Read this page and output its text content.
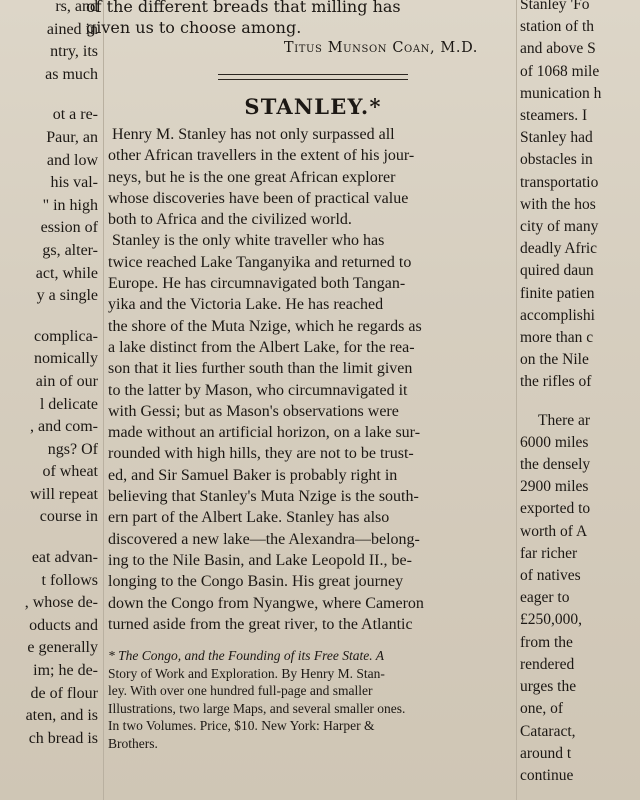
rs, and
ained in
ntry, its
as much
ot a re-
Paur, an
and low
his val-
" in high
ession of
gs, alter-
act, while
y a single
complica-
nomically
ain of our
l delicate
, and com-
ngs? Of
of wheat
will repeat
course in
eat advan-
t follows
, whose de-
oducts and
e generally
im; he de-
de of flour
aten, and is
ch bread is
of the different breads that milling has given us to choose among.
Titus Munson Coan, M.D.
STANLEY.*
Henry M. Stanley has not only surpassed all
other African travellers in the extent of his jour-
neys, but he is the one great African explorer
whose discoveries have been of practical value
both to Africa and the civilized world.
Stanley is the only white traveller who has
twice reached Lake Tanganyika and returned to
Europe. He has circumnavigated both Tangan-
yika and the Victoria Lake. He has reached
the shore of the Muta Nzige, which he regards as
a lake distinct from the Albert Lake, for the rea-
son that it lies further south than the limit given
to the latter by Mason, who circumnavigated it
with Gessi; but as Mason's observations were
made without an artificial horizon, on a lake sur-
rounded with high hills, they are not to be trust-
ed, and Sir Samuel Baker is probably right in
believing that Stanley's Muta Nzige is the south-
ern part of the Albert Lake. Stanley has also
discovered a new lake—the Alexandra—belong-
ing to the Nile Basin, and Lake Leopold II., be-
longing to the Congo Basin. His great journey
down the Congo from Nyangwe, where Cameron
turned aside from the great river, to the Atlantic
* The Congo, and the Founding of its Free State. A
Story of Work and Exploration. By Henry M. Stan-
ley. With over one hundred full-page and smaller
Illustrations, two large Maps, and several smaller ones.
In two Volumes. Price, $10. New York: Harper &
Brothers.
Stanley 'Fo
station of th
and above S
of 1068 mile
munication h
steamers. I
Stanley had
obstacles in
transportatio
with the hos
city of many
deadly Afric
quired daun
finite patien
accomplishi
more than c
on the Nile
the rifles of
There ar
6000 miles
the densely
2900 miles
exported to
worth of A
far richer
of natives
eager to
£250,000,
from the
rendered
urges the
one, of
Cataract,
around t
continue
